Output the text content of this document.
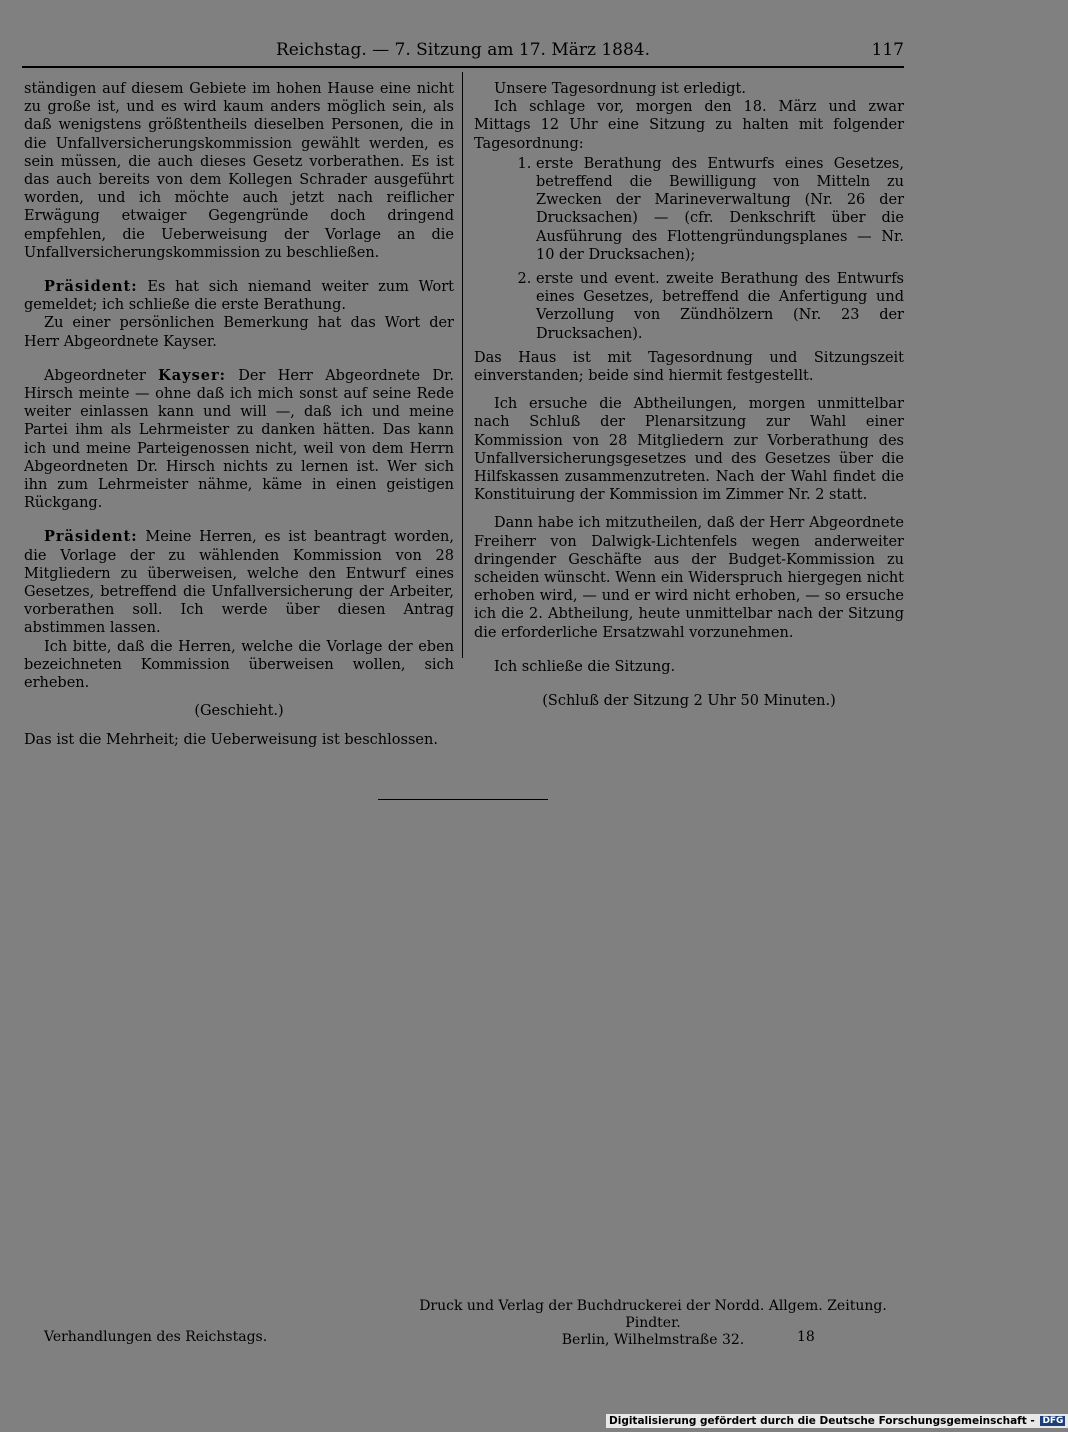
Reichstag. — 7. Sitzung am 17. März 1884.	117

ständigen auf diesem Gebiete im hohen Hause eine nicht zu große ist, und es wird kaum anders möglich sein, als daß wenigstens größtentheils dieselben Personen, die in die Unfallversicherungskommission gewählt werden, es sein müssen, die auch dieses Gesetz vorberathen. Es ist das auch bereits von dem Kollegen Schrader ausgeführt worden, und ich möchte auch jetzt nach reiflicher Erwägung etwaiger Gegengründe doch dringend empfehlen, die Ueberweisung der Vorlage an die Unfallversicherungskommission zu beschließen.

Präsident: Es hat sich niemand weiter zum Wort gemeldet; ich schließe die erste Berathung.

Zu einer persönlichen Bemerkung hat das Wort der Herr Abgeordnete Kayser.

Abgeordneter Kayser: Der Herr Abgeordnete Dr. Hirsch meinte — ohne daß ich mich sonst auf seine Rede weiter einlassen kann und will —, daß ich und meine Partei ihm als Lehrmeister zu danken hätten. Das kann ich und meine Parteigenossen nicht, weil von dem Herrn Abgeordneten Dr. Hirsch nichts zu lernen ist. Wer sich ihn zum Lehrmeister nähme, käme in einen geistigen Rückgang.

Präsident: Meine Herren, es ist beantragt worden, die Vorlage der zu wählenden Kommission von 28 Mitgliedern zu überweisen, welche den Entwurf eines Gesetzes, betreffend die Unfallversicherung der Arbeiter, vorberathen soll. Ich werde über diesen Antrag abstimmen lassen.

Ich bitte, daß die Herren, welche die Vorlage der eben bezeichneten Kommission überweisen wollen, sich erheben.

(Geschieht.)

Das ist die Mehrheit; die Ueberweisung ist beschlossen.

Unsere Tagesordnung ist erledigt.

Ich schlage vor, morgen den 18. März und zwar Mittags 12 Uhr eine Sitzung zu halten mit folgender Tagesordnung:

1. erste Berathung des Entwurfs eines Gesetzes, betreffend die Bewilligung von Mitteln zu Zwecken der Marineverwaltung (Nr. 26 der Drucksachen) — (cfr. Denkschrift über die Ausführung des Flottengründungsplanes — Nr. 10 der Drucksachen);
2. erste und event. zweite Berathung des Entwurfs eines Gesetzes, betreffend die Anfertigung und Verzollung von Zündhölzern (Nr. 23 der Drucksachen).

Das Haus ist mit Tagesordnung und Sitzungszeit einverstanden; beide sind hiermit festgestellt.

Ich ersuche die Abtheilungen, morgen unmittelbar nach Schluß der Plenarsitzung zur Wahl einer Kommission von 28 Mitgliedern zur Vorberathung des Unfallversicherungsgesetzes und des Gesetzes über die Hilfskassen zusammenzutreten. Nach der Wahl findet die Konstituirung der Kommission im Zimmer Nr. 2 statt.

Dann habe ich mitzutheilen, daß der Herr Abgeordnete Freiherr von Dalwigk-Lichtenfels wegen anderweiter dringender Geschäfte aus der Budget-Kommission zu scheiden wünscht. Wenn ein Widerspruch hiergegen nicht erhoben wird, — und er wird nicht erhoben, — so ersuche ich die 2. Abtheilung, heute unmittelbar nach der Sitzung die erforderliche Ersatzwahl vorzunehmen.

Ich schließe die Sitzung.

(Schluß der Sitzung 2 Uhr 50 Minuten.)

Druck und Verlag der Buchdruckerei der Nordd. Allgem. Zeitung. Pindter.
Berlin, Wilhelmstraße 32.
Verhandlungen des Reichstags.	18
Digitalisierung gefördert durch die Deutsche Forschungsgemeinschaft - DFG
